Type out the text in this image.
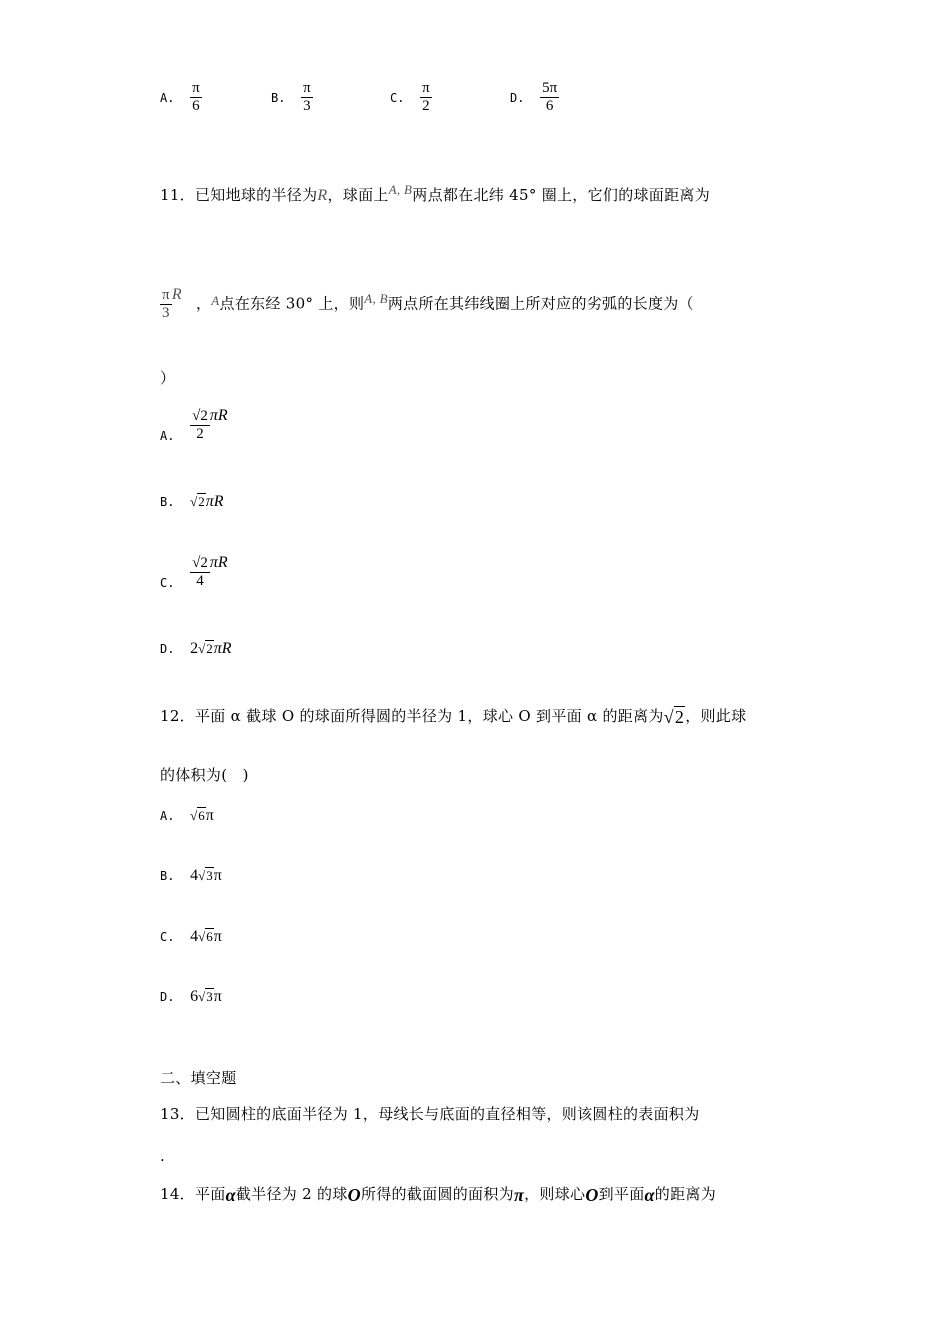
A. $\frac{\pi}{6}$	B. $\frac{\pi}{3}$	C. $\frac{\pi}{2}$	D. $\frac{5\pi}{6}$
11．已知地球的半径为R，球面上A, B两点都在北纬 45° 圈上，它们的球面距离为
$\frac{\pi}{3}$ R，A点在东经 30° 上，则A, B两点所在其纬线圈上所对应的劣弧的长度为（
）
A. $\frac{√2}{2}$ πR
B. √2πR
C. $\frac{√2}{4}$ πR
D. 2√2πR
12．平面 α 截球 O 的球面所得圆的半径为 1，球心 O 到平面 α 的距离为√2，则此球
的体积为(　)
A. √6π
B. 4√3π
C. 4√6π
D. 6√3π
二、填空题
13．已知圆柱的底面半径为 1，母线长与底面的直径相等，则该圆柱的表面积为
.
14．平面α截半径为 2 的球O所得的截面圆的面积为π，则球心O到平面α的距离为
